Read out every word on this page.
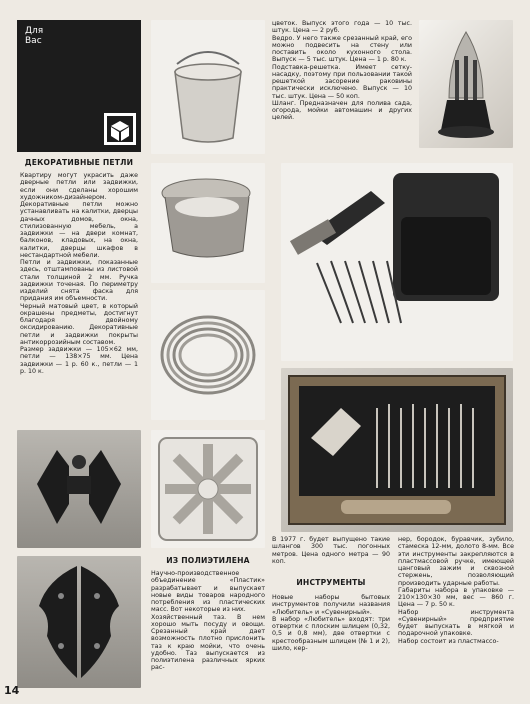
Для
Вас
ДЕКОРАТИВНЫЕ ПЕТЛИ
Квартиру могут украсить даже дверные петли или задвижки, если они сделаны хорошим художником-дизайнером.
Декоративные петли можно устанавливать на калитки, дверцы дачных домов, окна, стилизованную мебель, а задвижки — на двери комнат, балконов, кладовых, на окна, калитки, дверцы шкафов в нестандартной мебели.
Петли и задвижки, показанные здесь, отштампованы из листовой стали толщиной 2 мм. Ручка задвижки точеная. По периметру изделий снята фаска для придания им объемности.
Черный матовый цвет, в который окрашены предметы, достигнут благодаря двойному оксидированию. Декоративные петли и задвижки покрыты антикоррозийным составом.
Размер задвижки — 105×62 мм, петли — 138×75 мм. Цена задвижки — 1 р. 60 к., петли — 1 р. 10 к.
цветок. Выпуск этого года — 10 тыс. штук. Цена — 2 руб.
Ведро. У него также срезанный край, его можно подвесить на стену или поставить около кухонного стола. Выпуск — 5 тыс. штук. Цена — 1 р. 80 к.
Подставка-решетка. Имеет сетку-насадку, поэтому при пользовании такой решеткой засорение раковины практически исключено. Выпуск — 10 тыс. штук. Цена — 50 коп.
Шланг. Предназначен для полива сада, огорода, мойки автомашин и других целей.
ИЗ ПОЛИЭТИЛЕНА
Научно-производственное объединение «Пластик» разрабатывает и выпускает новые виды товаров народного потребления из пластических масс. Вот некоторые из них.
Хозяйственный таз. В нем хорошо мыть посуду и овощи. Срезанный край дает возможность плотно прислонить таз к краю мойки, что очень удобно. Таз выпускается из полиэтилена различных ярких рас-
В 1977 г. будет выпущено такие шлангов 300 тыс. погонных метров. Цена одного метра — 90 коп.
ИНСТРУМЕНТЫ
Новые наборы бытовых инструментов получили названия «Любитель» и «Сувенирный».
В набор «Любитель» входят: три отвертки с плоским шлицем (0,32, 0,5 и 0,8 мм), две отвертки с крестообразным шлицем (№ 1 и 2), шило, кер-
нер, бородок, буравчик, зубило, стамеска 12-мм, долото 8-мм. Все эти инструменты закрепляются в пластмассовой ручке, имеющей цанговый зажим и сквозной стержень, позволяющий производить ударные работы.
Габариты набора в упаковке — 210×130×30 мм, вес — 860 г. Цена — 7 р. 50 к.
Набор инструмента «Сувенирный» предприятие будет выпускать в мягкой и подарочной упаковке.
Набор состоит из пластмассо-
14
